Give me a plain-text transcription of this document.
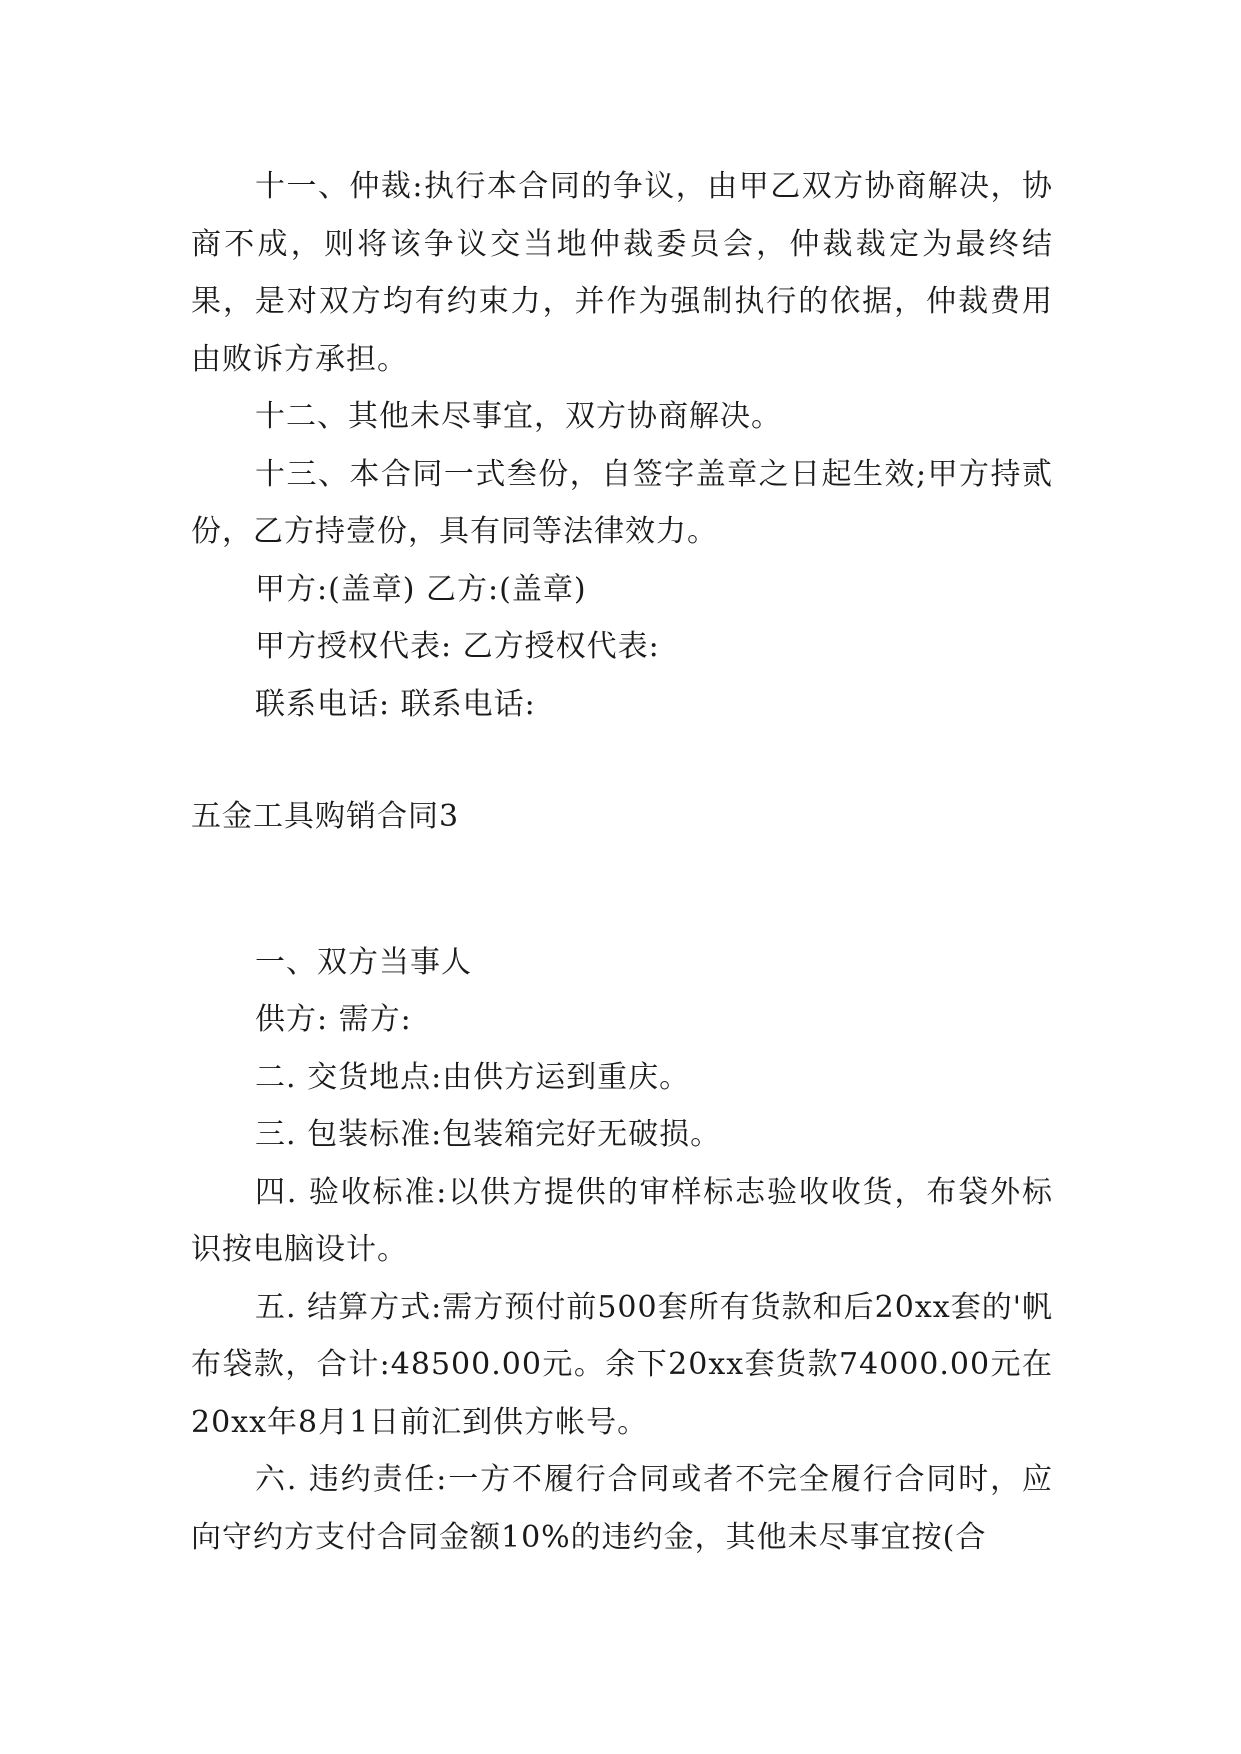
十一、仲裁:执行本合同的争议，由甲乙双方协商解决，协商不成，则将该争议交当地仲裁委员会，仲裁裁定为最终结果，是对双方均有约束力，并作为强制执行的依据，仲裁费用由败诉方承担。

十二、其他未尽事宜，双方协商解决。

十三、本合同一式叁份，自签字盖章之日起生效;甲方持贰份，乙方持壹份，具有同等法律效力。

甲方:(盖章) 乙方:(盖章)

甲方授权代表: 乙方授权代表:

联系电话: 联系电话:

五金工具购销合同3

一、双方当事人

供方: 需方:

二. 交货地点:由供方运到重庆。

三. 包装标准:包装箱完好无破损。

四. 验收标准:以供方提供的审样标志验收收货，布袋外标识按电脑设计。

五. 结算方式:需方预付前500套所有货款和后20xx套的'帆布袋款，合计:48500.00元。余下20xx套货款74000.00元在20xx年8月1日前汇到供方帐号。

六. 违约责任:一方不履行合同或者不完全履行合同时，应向守约方支付合同金额10%的违约金，其他未尽事宜按(合
